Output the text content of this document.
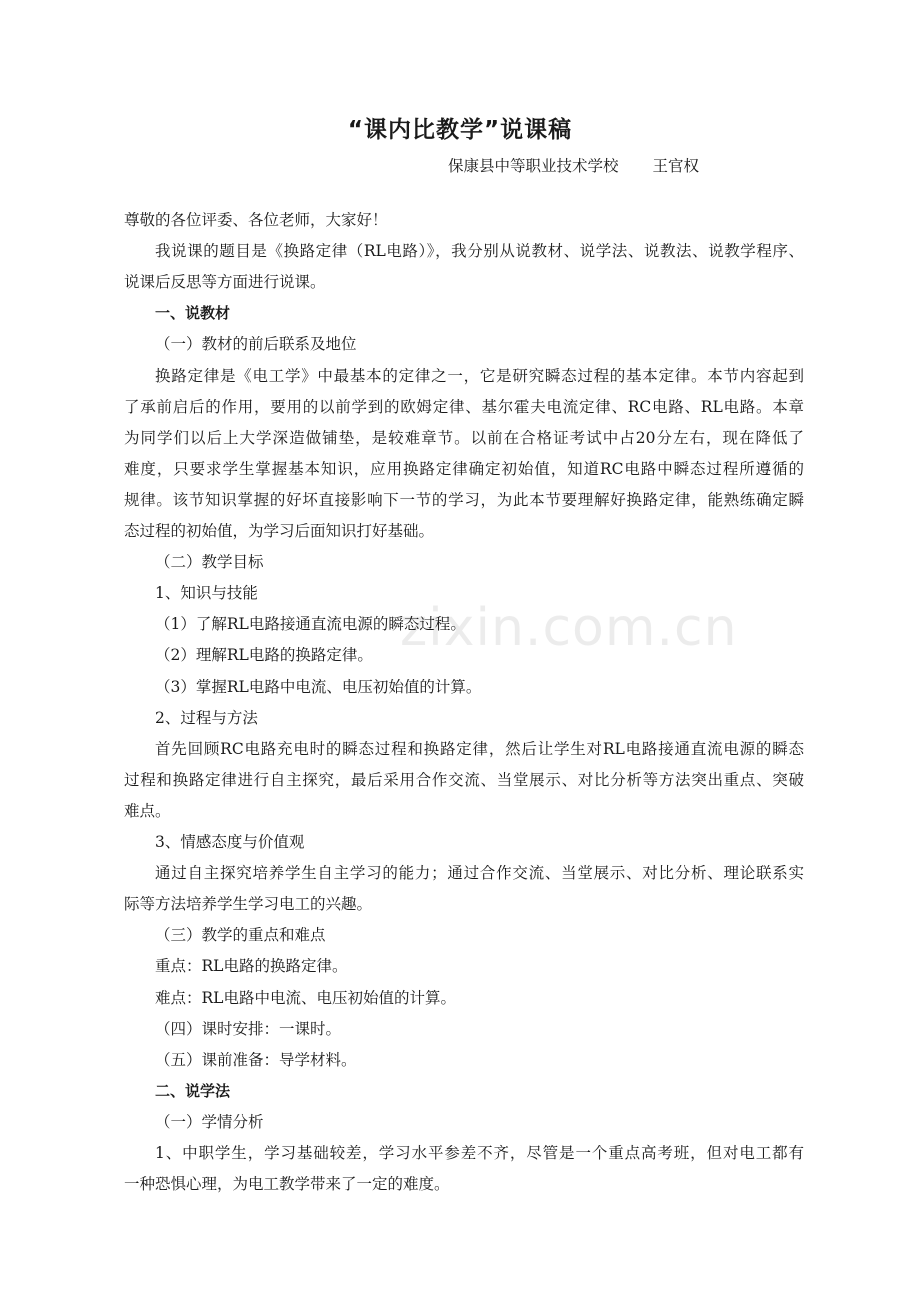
zixin.com.cn
“课内比教学”说课稿
保康县中等职业技术学校 王官权
尊敬的各位评委、各位老师，大家好！
我说课的题目是《换路定律（RL电路）》，我分别从说教材、说学法、说教法、说教学程序、
说课后反思等方面进行说课。
一、说教材
（一）教材的前后联系及地位
换路定律是《电工学》中最基本的定律之一，它是研究瞬态过程的基本定律。本节内容起到
了承前启后的作用，要用的以前学到的欧姆定律、基尔霍夫电流定律、RC电路、RL电路。本章
为同学们以后上大学深造做铺垫，是较难章节。以前在合格证考试中占20分左右，现在降低了
难度，只要求学生掌握基本知识，应用换路定律确定初始值，知道RC电路中瞬态过程所遵循的
规律。该节知识掌握的好坏直接影响下一节的学习，为此本节要理解好换路定律，能熟练确定瞬
态过程的初始值，为学习后面知识打好基础。
（二）教学目标
1、知识与技能
（1）了解RL电路接通直流电源的瞬态过程。
（2）理解RL电路的换路定律。
（3）掌握RL电路中电流、电压初始值的计算。
2、过程与方法
首先回顾RC电路充电时的瞬态过程和换路定律，然后让学生对RL电路接通直流电源的瞬态
过程和换路定律进行自主探究，最后采用合作交流、当堂展示、对比分析等方法突出重点、突破
难点。
3、情感态度与价值观
通过自主探究培养学生自主学习的能力；通过合作交流、当堂展示、对比分析、理论联系实
际等方法培养学生学习电工的兴趣。
（三）教学的重点和难点
重点：RL电路的换路定律。
难点：RL电路中电流、电压初始值的计算。
（四）课时安排：一课时。
（五）课前准备：导学材料。
二、说学法
（一）学情分析
1、中职学生，学习基础较差，学习水平参差不齐，尽管是一个重点高考班，但对电工都有
一种恐惧心理，为电工教学带来了一定的难度。
